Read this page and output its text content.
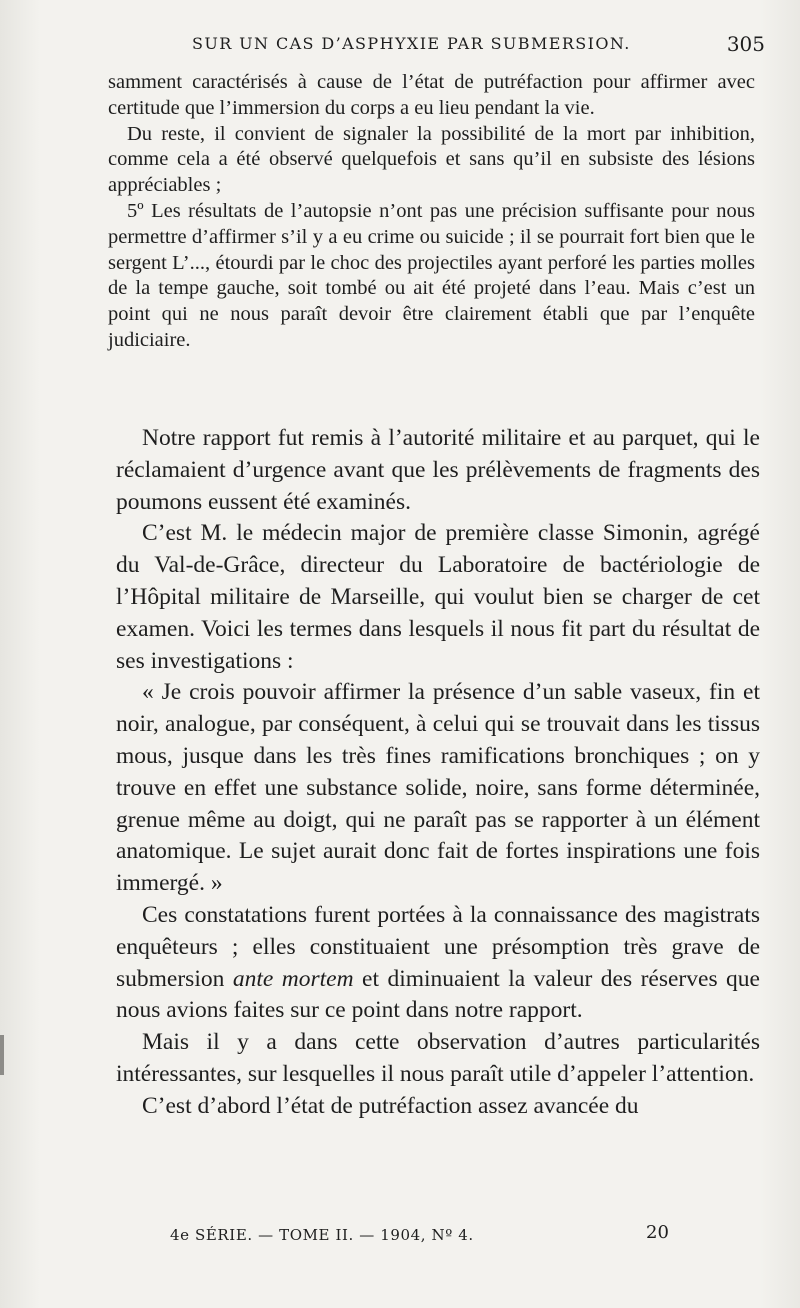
SUR UN CAS D’ASPHYXIE PAR SUBMERSION.	305

samment caractérisés à cause de l’état de putréfaction pour affirmer avec certitude que l’immersion du corps a eu lieu pendant la vie.

Du reste, il convient de signaler la possibilité de la mort par inhibition, comme cela a été observé quelquefois et sans qu’il en subsiste des lésions appréciables ;

5º Les résultats de l’autopsie n’ont pas une précision suffisante pour nous permettre d’affirmer s’il y a eu crime ou suicide ; il se pourrait fort bien que le sergent L’..., étourdi par le choc des projectiles ayant perforé les parties molles de la tempe gauche, soit tombé ou ait été projeté dans l’eau. Mais c’est un point qui ne nous paraît devoir être clairement établi que par l’enquête judiciaire.

Notre rapport fut remis à l’autorité militaire et au parquet, qui le réclamaient d’urgence avant que les prélèvements de fragments des poumons eussent été examinés.

C’est M. le médecin major de première classe Simonin, agrégé du Val-de-Grâce, directeur du Laboratoire de bactériologie de l’Hôpital militaire de Marseille, qui voulut bien se charger de cet examen. Voici les termes dans lesquels il nous fit part du résultat de ses investigations :

« Je crois pouvoir affirmer la présence d’un sable vaseux, fin et noir, analogue, par conséquent, à celui qui se trouvait dans les tissus mous, jusque dans les très fines ramifications bronchiques ; on y trouve en effet une substance solide, noire, sans forme déterminée, grenue même au doigt, qui ne paraît pas se rapporter à un élément anatomique. Le sujet aurait donc fait de fortes inspirations une fois immergé. »

Ces constatations furent portées à la connaissance des magistrats enquêteurs ; elles constituaient une présomption très grave de submersion ante mortem et diminuaient la valeur des réserves que nous avions faites sur ce point dans notre rapport.

Mais il y a dans cette observation d’autres particularités intéressantes, sur lesquelles il nous paraît utile d’appeler l’attention.

C’est d’abord l’état de putréfaction assez avancée du

4e SÉRIE. — TOME II. — 1904, Nº 4.	20
